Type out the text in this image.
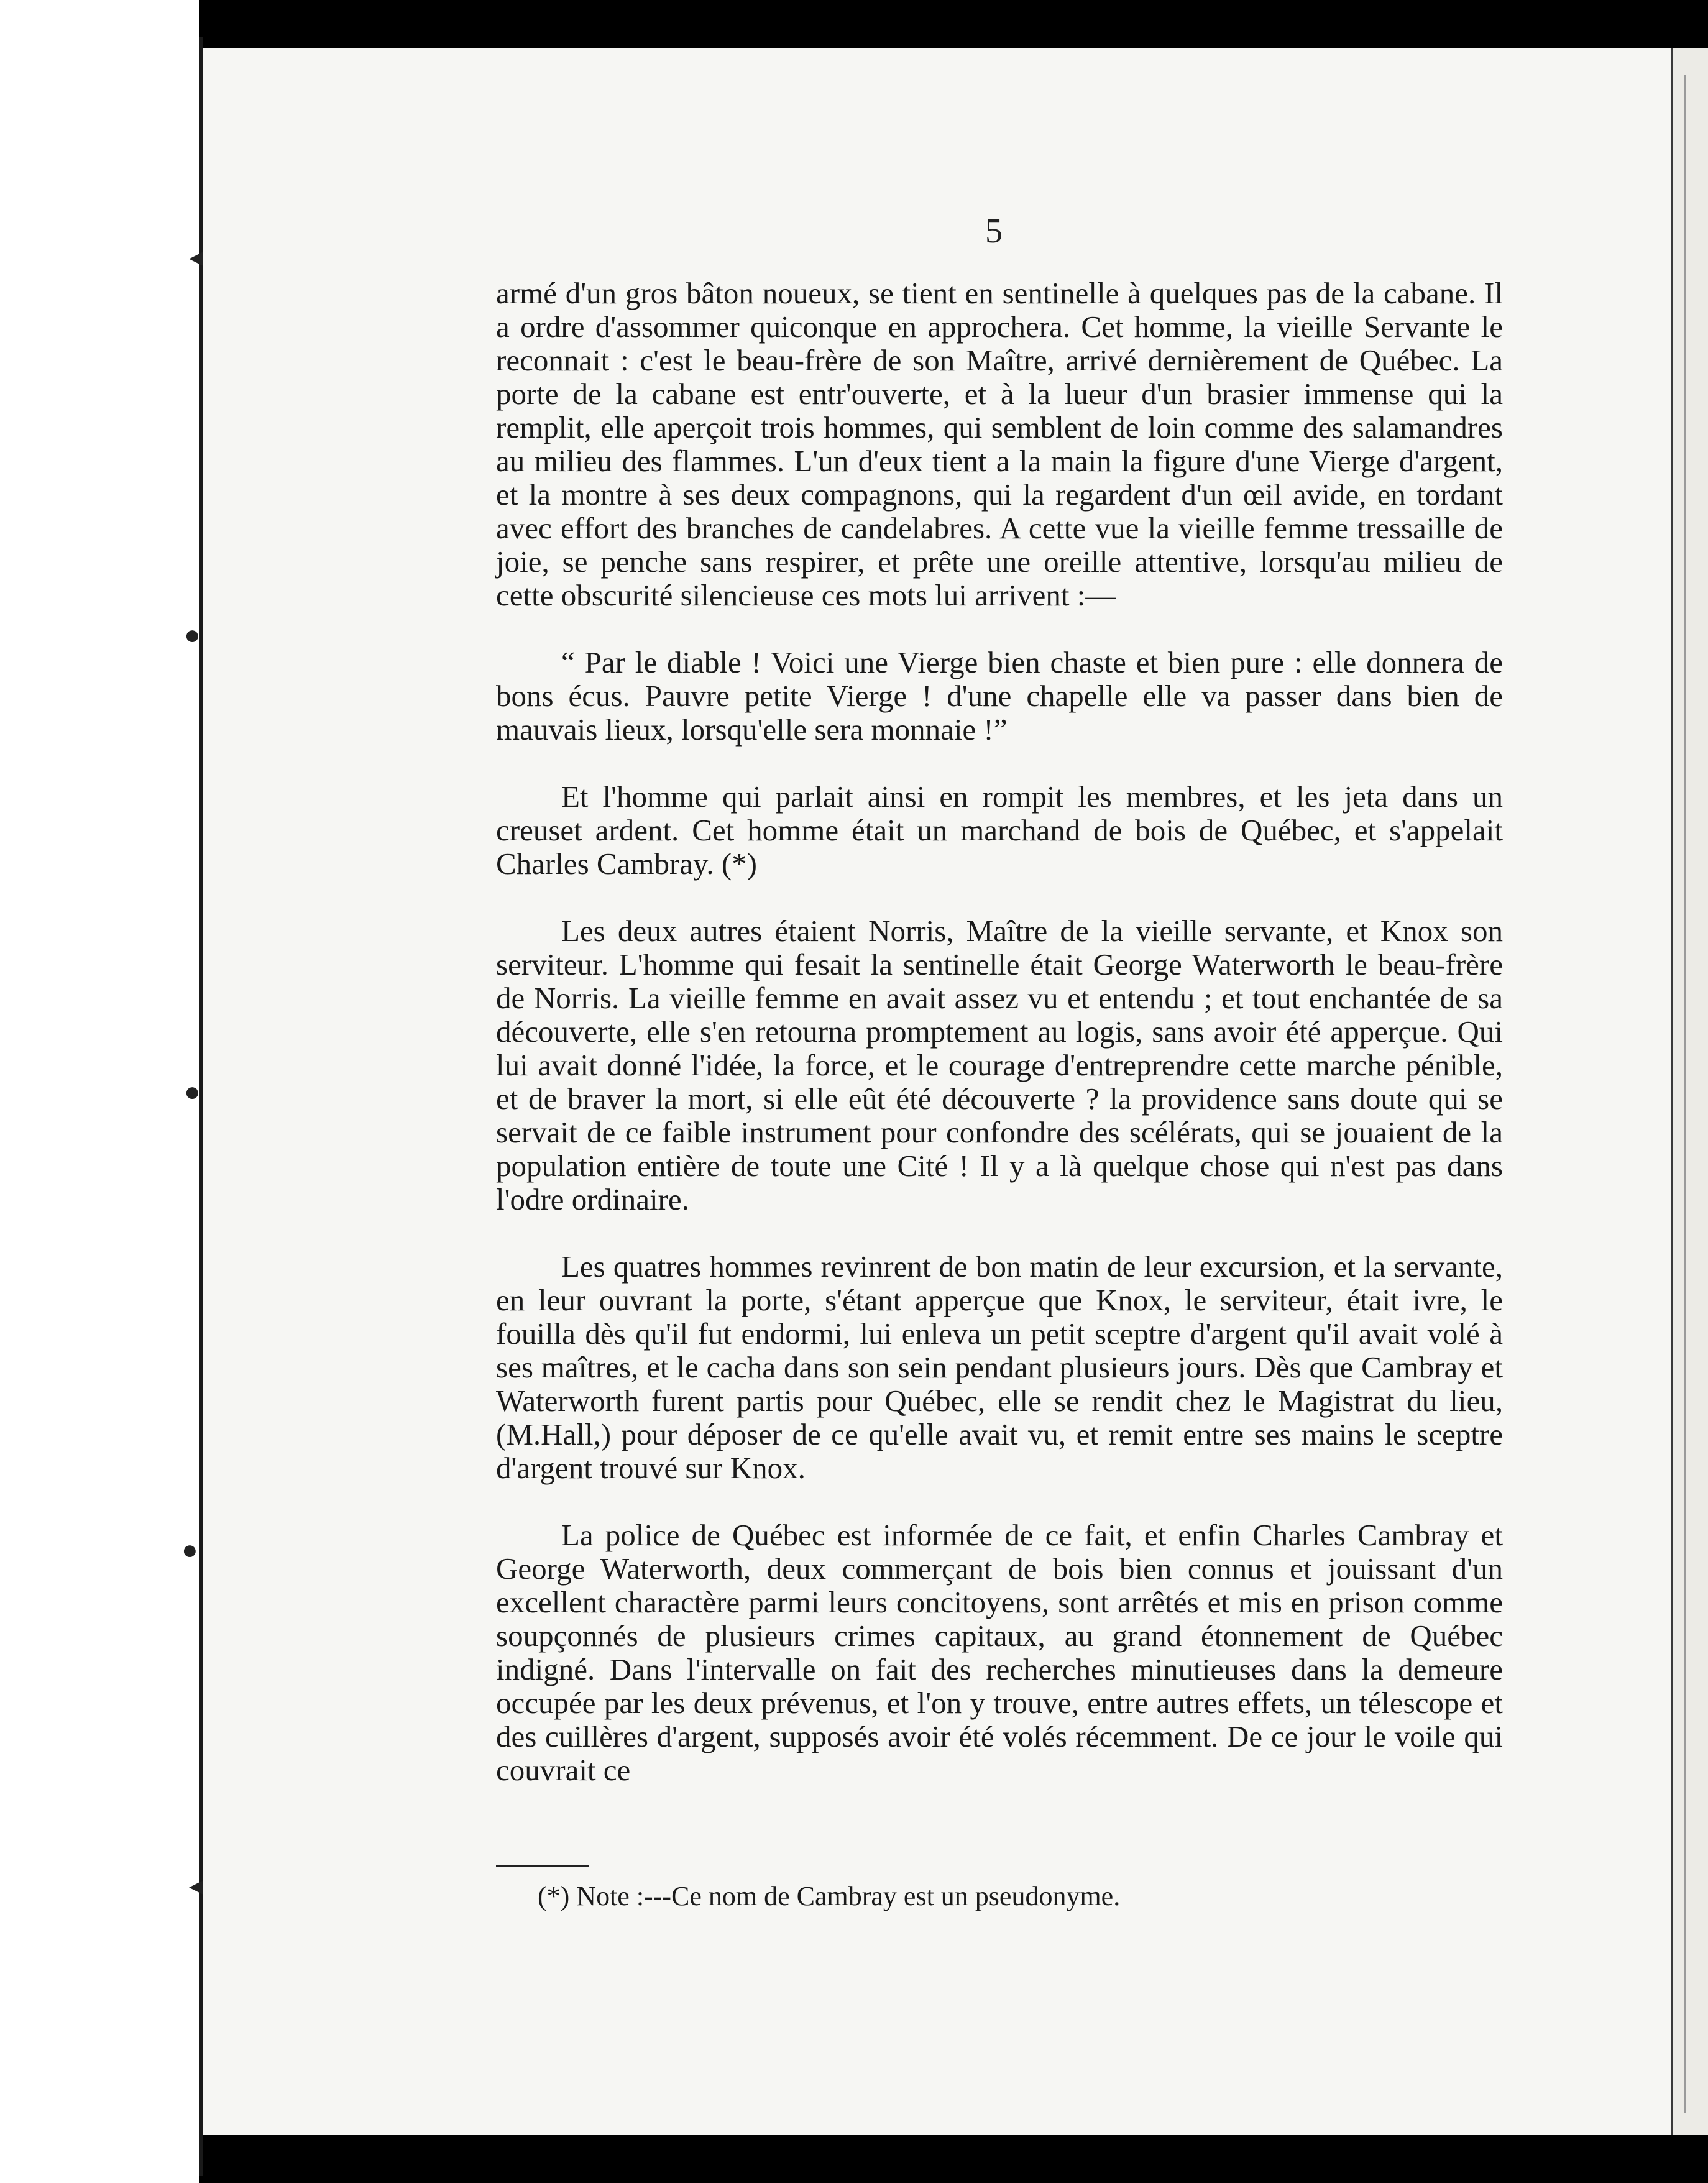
◂
●
●
●
◂
5

armé d'un gros bâton noueux, se tient en sentinelle à quelques pas de la cabane. Il a ordre d'assommer quiconque en approchera. Cet homme, la vieille Servante le reconnait : c'est le beau-frère de son Maître, arrivé dernièrement de Québec. La porte de la cabane est entr'ouverte, et à la lueur d'un brasier immense qui la remplit, elle aperçoit trois hommes, qui semblent de loin comme des salamandres au milieu des flammes. L'un d'eux tient a la main la figure d'une Vierge d'argent, et la montre à ses deux compagnons, qui la regardent d'un œil avide, en tordant avec effort des branches de candelabres. A cette vue la vieille femme tressaille de joie, se penche sans respirer, et prête une oreille attentive, lorsqu'au milieu de cette obscurité silencieuse ces mots lui arrivent :—

“ Par le diable ! Voici une Vierge bien chaste et bien pure : elle donnera de bons écus. Pauvre petite Vierge ! d'une chapelle elle va passer dans bien de mauvais lieux, lorsqu'elle sera monnaie !”

Et l'homme qui parlait ainsi en rompit les membres, et les jeta dans un creuset ardent. Cet homme était un marchand de bois de Québec, et s'appelait Charles Cambray. (*)

Les deux autres étaient Norris, Maître de la vieille servante, et Knox son serviteur. L'homme qui fesait la sentinelle était George Waterworth le beau-frère de Norris. La vieille femme en avait assez vu et entendu ; et tout enchantée de sa découverte, elle s'en retourna promptement au logis, sans avoir été apperçue. Qui lui avait donné l'idée, la force, et le courage d'entreprendre cette marche pénible, et de braver la mort, si elle eût été découverte ? la providence sans doute qui se servait de ce faible instrument pour confondre des scélérats, qui se jouaient de la population entière de toute une Cité ! Il y a là quelque chose qui n'est pas dans l'odre ordinaire.

Les quatres hommes revinrent de bon matin de leur excursion, et la servante, en leur ouvrant la porte, s'étant apperçue que Knox, le serviteur, était ivre, le fouilla dès qu'il fut endormi, lui enleva un petit sceptre d'argent qu'il avait volé à ses maîtres, et le cacha dans son sein pendant plusieurs jours. Dès que Cambray et Waterworth furent partis pour Québec, elle se rendit chez le Magistrat du lieu, (M.Hall,) pour déposer de ce qu'elle avait vu, et remit entre ses mains le sceptre d'argent trouvé sur Knox.

La police de Québec est informée de ce fait, et enfin Charles Cambray et George Waterworth, deux commerçant de bois bien connus et jouissant d'un excellent charactère parmi leurs concitoyens, sont arrêtés et mis en prison comme soupçonnés de plusieurs crimes capitaux, au grand étonnement de Québec indigné. Dans l'intervalle on fait des recherches minutieuses dans la demeure occupée par les deux prévenus, et l'on y trouve, entre autres effets, un télescope et des cuillères d'argent, supposés avoir été volés récemment. De ce jour le voile qui couvrait ce

(*) Note :---Ce nom de Cambray est un pseudonyme.
